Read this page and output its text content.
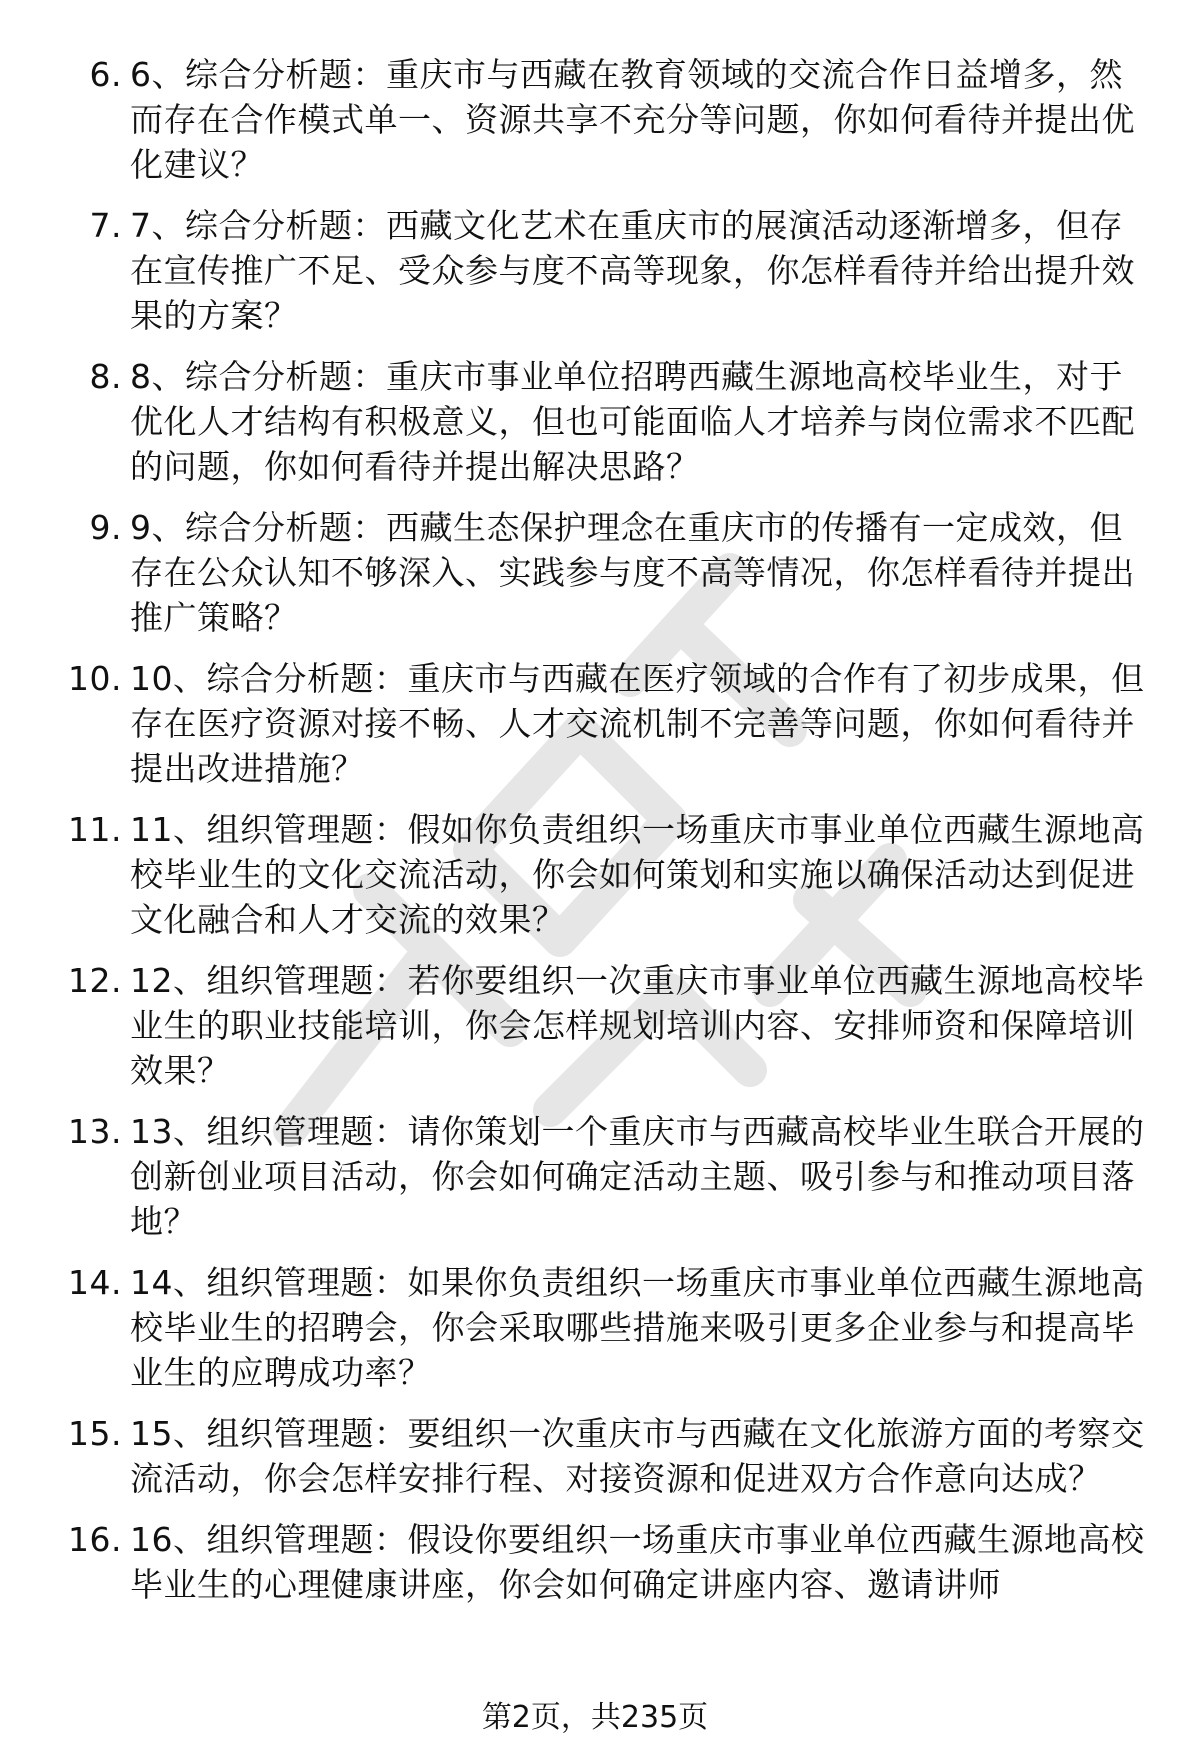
6. 6、综合分析题：重庆市与西藏在教育领域的交流合作日益增多，然而存在合作模式单一、资源共享不充分等问题，你如何看待并提出优化建议？
7. 7、综合分析题：西藏文化艺术在重庆市的展演活动逐渐增多，但存在宣传推广不足、受众参与度不高等现象，你怎样看待并给出提升效果的方案？
8. 8、综合分析题：重庆市事业单位招聘西藏生源地高校毕业生，对于优化人才结构有积极意义，但也可能面临人才培养与岗位需求不匹配的问题，你如何看待并提出解决思路？
9. 9、综合分析题：西藏生态保护理念在重庆市的传播有一定成效，但存在公众认知不够深入、实践参与度不高等情况，你怎样看待并提出推广策略？
10. 10、综合分析题：重庆市与西藏在医疗领域的合作有了初步成果，但存在医疗资源对接不畅、人才交流机制不完善等问题，你如何看待并提出改进措施？
11. 11、组织管理题：假如你负责组织一场重庆市事业单位西藏生源地高校毕业生的文化交流活动，你会如何策划和实施以确保活动达到促进文化融合和人才交流的效果？
12. 12、组织管理题：若你要组织一次重庆市事业单位西藏生源地高校毕业生的职业技能培训，你会怎样规划培训内容、安排师资和保障培训效果？
13. 13、组织管理题：请你策划一个重庆市与西藏高校毕业生联合开展的创新创业项目活动，你会如何确定活动主题、吸引参与和推动项目落地？
14. 14、组织管理题：如果你负责组织一场重庆市事业单位西藏生源地高校毕业生的招聘会，你会采取哪些措施来吸引更多企业参与和提高毕业生的应聘成功率？
15. 15、组织管理题：要组织一次重庆市与西藏在文化旅游方面的考察交流活动，你会怎样安排行程、对接资源和促进双方合作意向达成？
16. 16、组织管理题：假设你要组织一场重庆市事业单位西藏生源地高校毕业生的心理健康讲座，你会如何确定讲座内容、邀请讲师
第2页，共235页
